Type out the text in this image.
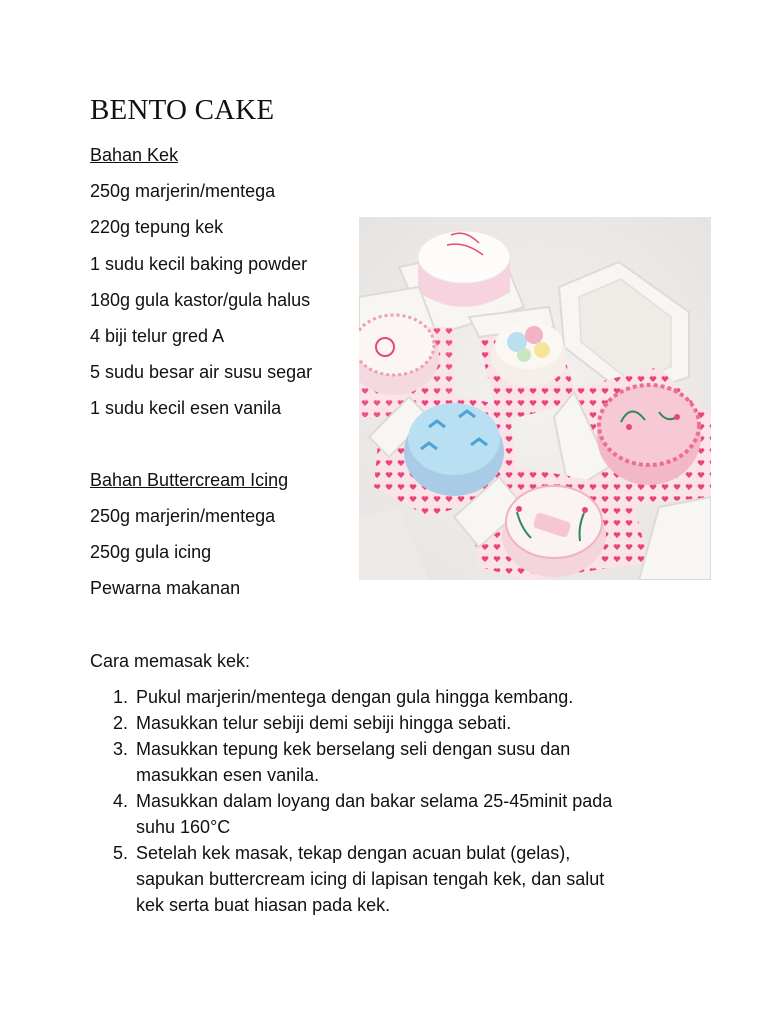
BENTO CAKE
Bahan Kek
250g marjerin/mentega
220g tepung kek
1 sudu kecil baking powder
180g gula kastor/gula halus
4 biji telur gred A
5 sudu besar air susu segar
1 sudu kecil esen vanila
Bahan Buttercream Icing
250g marjerin/mentega
250g gula icing
Pewarna makanan
Cara memasak kek:
1. Pukul marjerin/mentega dengan gula hingga kembang.
2. Masukkan telur sebiji demi sebiji hingga sebati.
3. Masukkan tepung kek berselang seli dengan susu dan
masukkan esen vanila.
4. Masukkan dalam loyang dan bakar selama 25-45minit pada
suhu 160°C
5. Setelah kek masak, tekap dengan acuan bulat (gelas),
sapukan buttercream icing di lapisan tengah kek, dan salut
kek serta buat hiasan pada kek.
